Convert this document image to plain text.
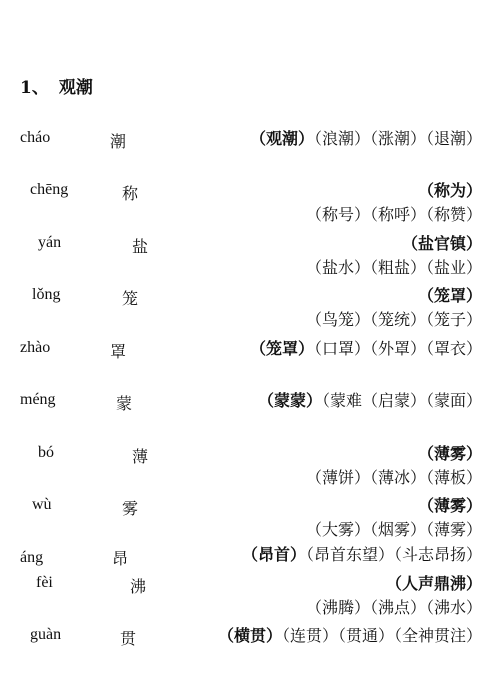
1、 观潮
cháo	潮	（观潮）（浪潮）（涨潮）（退潮）
chēng	称	（称为）（称号）（称呼）（称赞）
yán	盐	（盐官镇）（盐水）（粗盐）（盐业）
lǒng	笼	（笼罩）（鸟笼）（笼统）（笼子）
zhào	罩	（笼罩）（口罩）（外罩）（罩衣）
méng	蒙	（蒙蒙）（蒙难（启蒙）（蒙面）
bó	薄	（薄雾）（薄饼）（薄冰）（薄板）
wù	雾	（薄雾）（大雾）（烟雾）（薄雾）
áng	昂	（昂首）（昂首东望）（斗志昂扬）
fèi	沸	（人声鼎沸）（沸腾）（沸点）（沸水）
guàn	贯	（横贯）（连贯）（贯通）（全神贯注）
